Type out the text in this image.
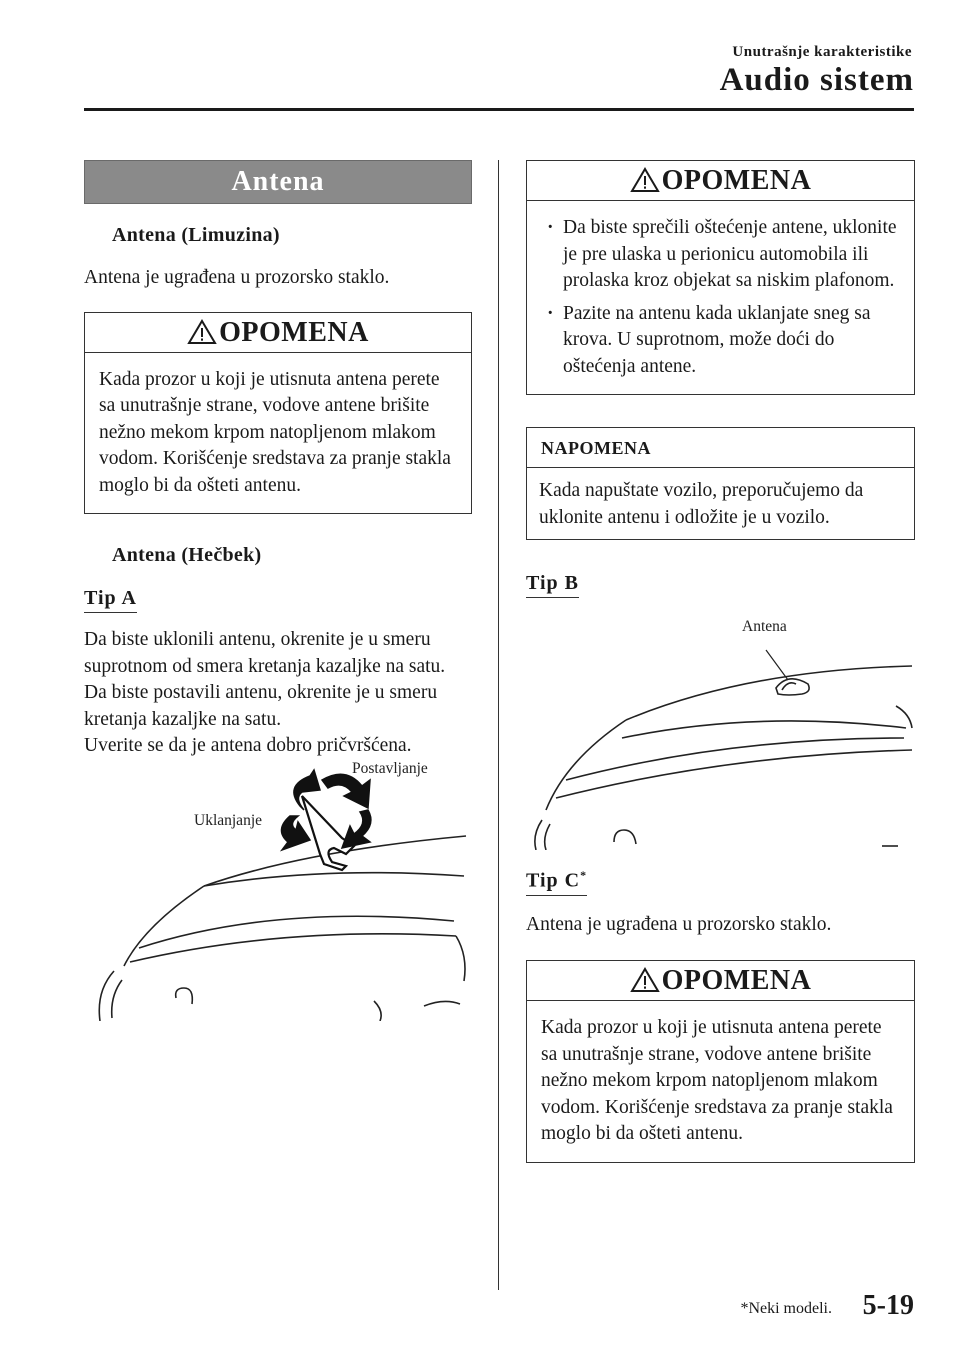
Unutrašnje karakteristike
Audio sistem
Antena
Antena (Limuzina)
Antena je ugrađena u prozorsko staklo.
OPOMENA
Kada prozor u koji je utisnuta antena perete sa unutrašnje strane, vodove antene brišite nežno mekom krpom natopljenom mlakom vodom. Korišćenje sredstava za pranje stakla moglo bi da ošteti antenu.
Antena (Hečbek)
Tip A
Da biste uklonili antenu, okrenite je u smeru suprotnom od smera kretanja kazaljke na satu.
Da biste postavili antenu, okrenite je u smeru kretanja kazaljke na satu.
Uverite se da je antena dobro pričvršćena.
Postavljanje
Uklanjanje
OPOMENA
· Da biste sprečili oštećenje antene, uklonite je pre ulaska u perionicu automobila ili prolaska kroz objekat sa niskim plafonom.
· Pazite na antenu kada uklanjate sneg sa krova. U suprotnom, može doći do oštećenja antene.
NAPOMENA
Kada napuštate vozilo, preporučujemo da uklonite antenu i odložite je u vozilo.
Tip B
Antena
Tip C*
Antena je ugrađena u prozorsko staklo.
OPOMENA
Kada prozor u koji je utisnuta antena perete sa unutrašnje strane, vodove antene brišite nežno mekom krpom natopljenom mlakom vodom. Korišćenje sredstava za pranje stakla moglo bi da ošteti antenu.
*Neki modeli. 5-19
